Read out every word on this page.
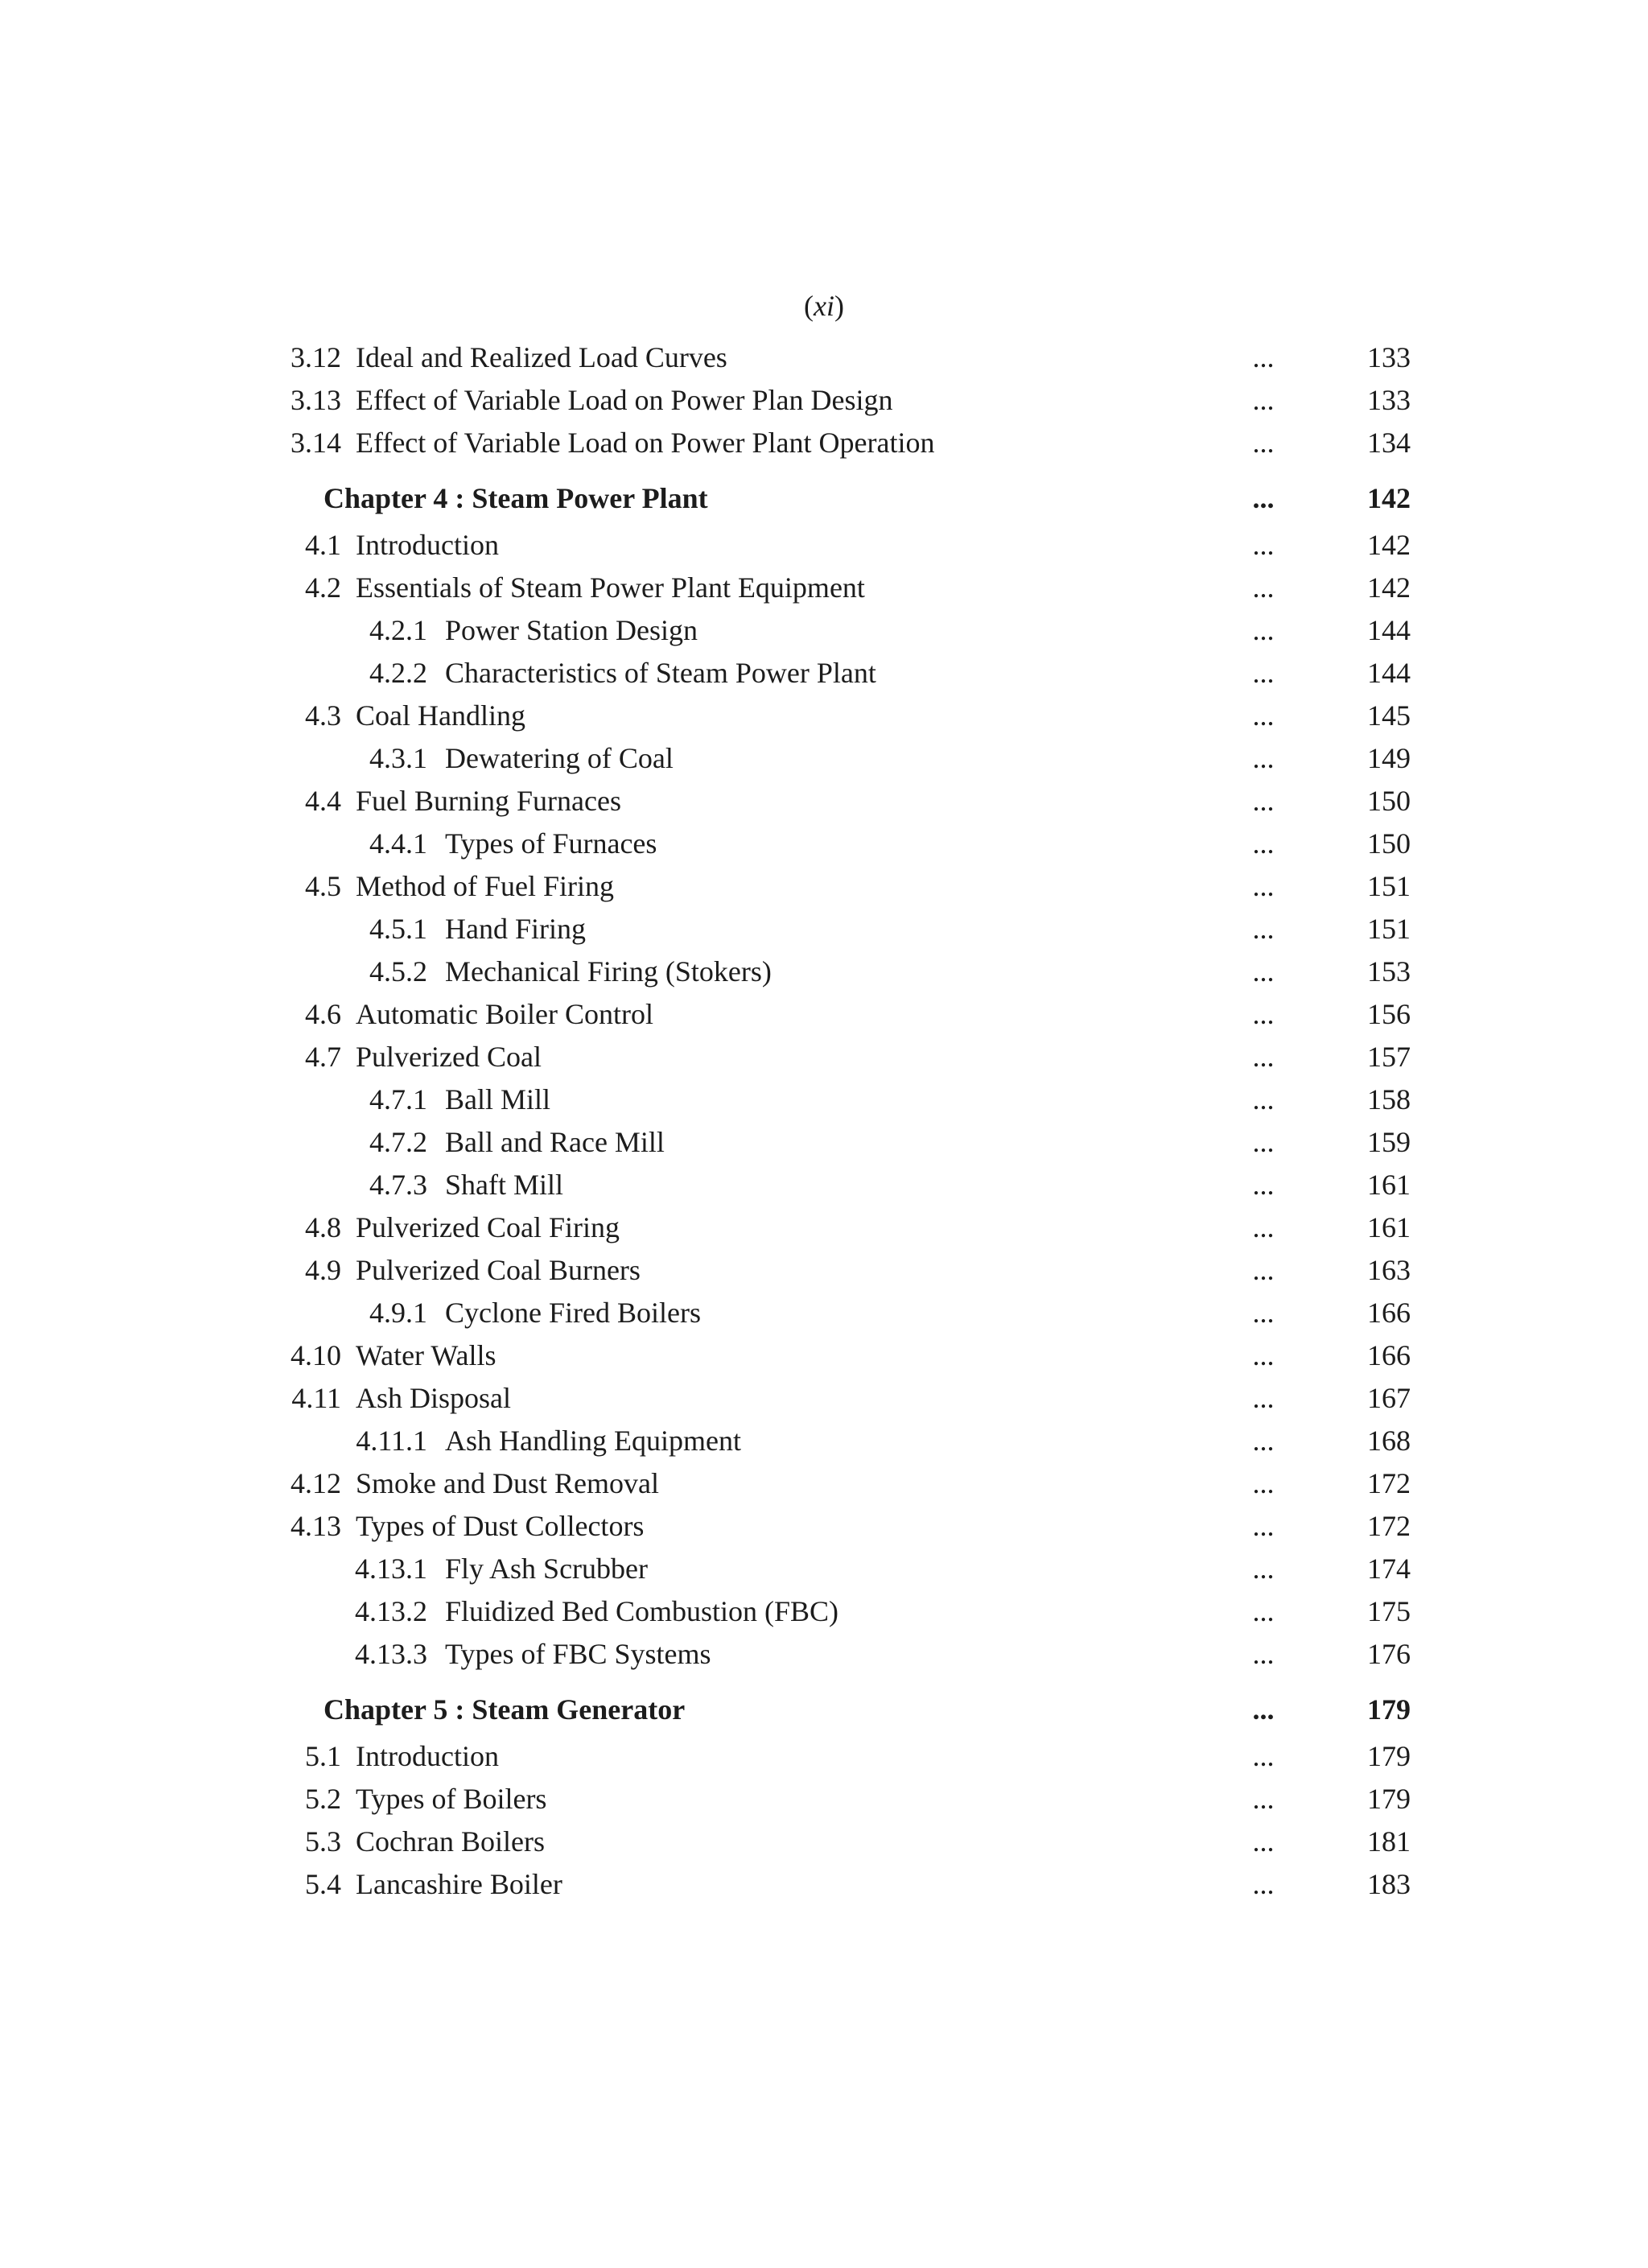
(xi)
3.12 Ideal and Realized Load Curves	...	133
3.13 Effect of Variable Load on Power Plan Design	...	133
3.14 Effect of Variable Load on Power Plant Operation	...	134
Chapter 4 : Steam Power Plant	...	142
4.1 Introduction	...	142
4.2 Essentials of Steam Power Plant Equipment	...	142
4.2.1 Power Station Design	...	144
4.2.2 Characteristics of Steam Power Plant	...	144
4.3 Coal Handling	...	145
4.3.1 Dewatering of Coal	...	149
4.4 Fuel Burning Furnaces	...	150
4.4.1 Types of Furnaces	...	150
4.5 Method of Fuel Firing	...	151
4.5.1 Hand Firing	...	151
4.5.2 Mechanical Firing (Stokers)	...	153
4.6 Automatic Boiler Control	...	156
4.7 Pulverized Coal	...	157
4.7.1 Ball Mill	...	158
4.7.2 Ball and Race Mill	...	159
4.7.3 Shaft Mill	...	161
4.8 Pulverized Coal Firing	...	161
4.9 Pulverized Coal Burners	...	163
4.9.1 Cyclone Fired Boilers	...	166
4.10 Water Walls	...	166
4.11 Ash Disposal	...	167
4.11.1 Ash Handling Equipment	...	168
4.12 Smoke and Dust Removal	...	172
4.13 Types of Dust Collectors	...	172
4.13.1 Fly Ash Scrubber	...	174
4.13.2 Fluidized Bed Combustion (FBC)	...	175
4.13.3 Types of FBC Systems	...	176
Chapter 5 : Steam Generator	...	179
5.1 Introduction	...	179
5.2 Types of Boilers	...	179
5.3 Cochran Boilers	...	181
5.4 Lancashire Boiler	...	183
